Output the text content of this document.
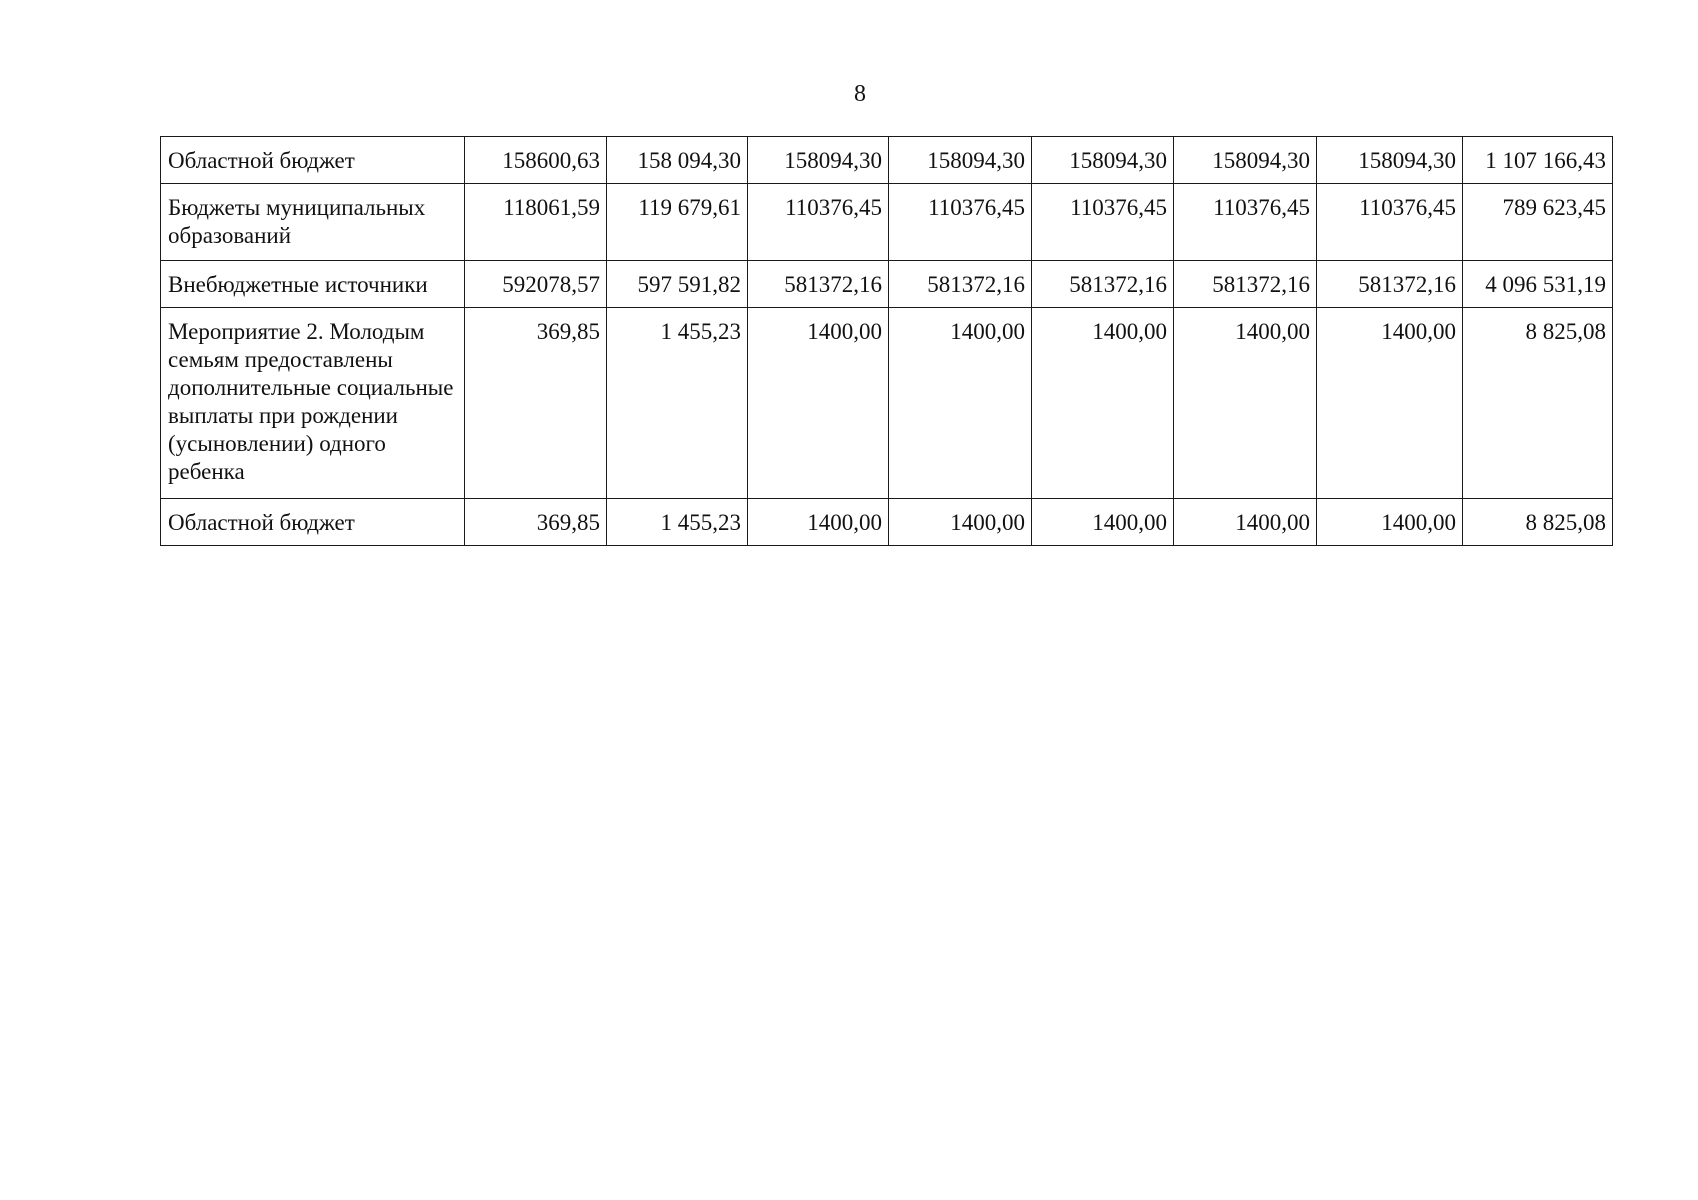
8
Областной бюджет	158600,63	158 094,30	158094,30	158094,30	158094,30	158094,30	158094,30	1 107 166,43
Бюджеты муниципальных образований	118061,59	119 679,61	110376,45	110376,45	110376,45	110376,45	110376,45	789 623,45
Внебюджетные источники	592078,57	597 591,82	581372,16	581372,16	581372,16	581372,16	581372,16	4 096 531,19
Мероприятие 2. Молодым семьям предоставлены дополнительные социальные выплаты при рождении (усыновлении) одного ребенка	369,85	1 455,23	1400,00	1400,00	1400,00	1400,00	1400,00	8 825,08
Областной бюджет	369,85	1 455,23	1400,00	1400,00	1400,00	1400,00	1400,00	8 825,08
